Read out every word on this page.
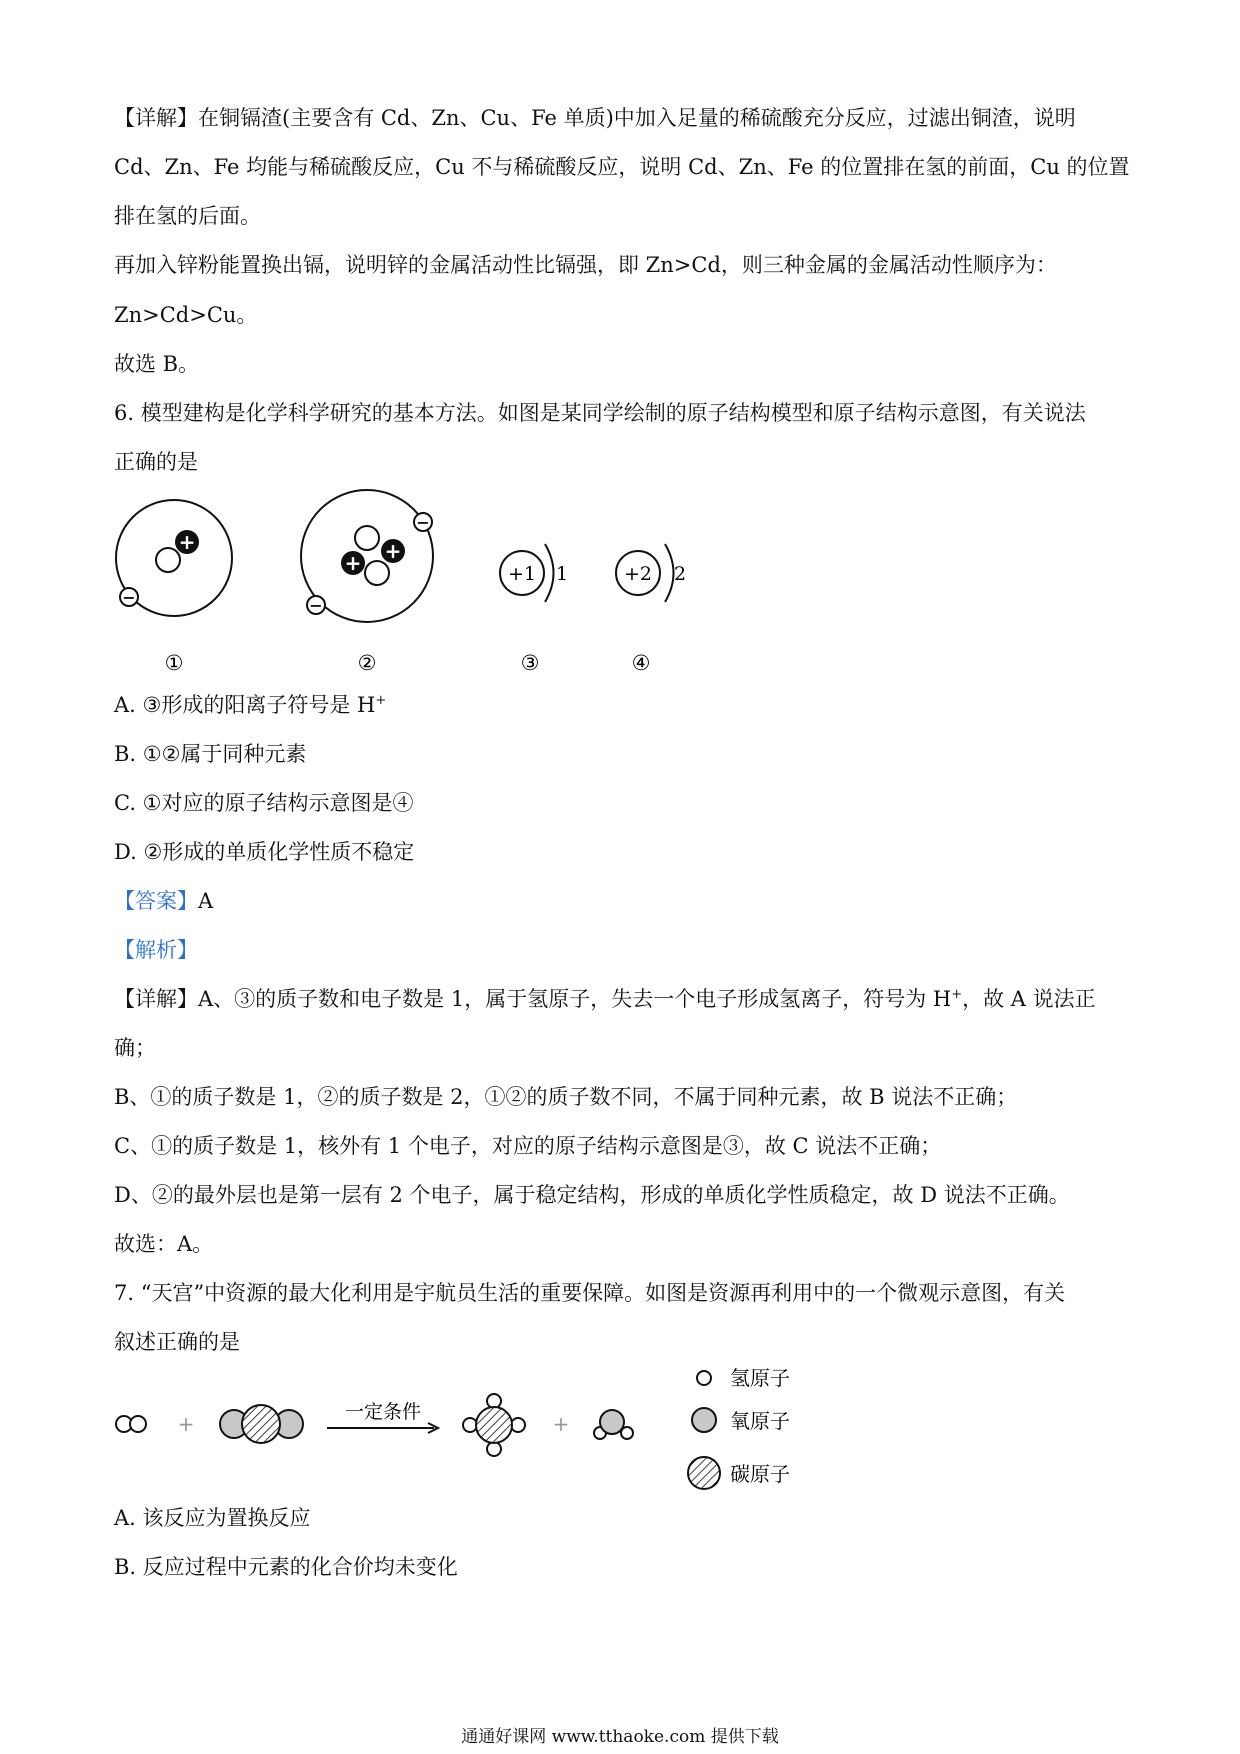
【详解】在铜镉渣(主要含有 Cd、Zn、Cu、Fe 单质)中加入足量的稀硫酸充分反应，过滤出铜渣，说明
Cd、Zn、Fe 均能与稀硫酸反应，Cu 不与稀硫酸反应，说明 Cd、Zn、Fe 的位置排在氢的前面，Cu 的位置
排在氢的后面。
再加入锌粉能置换出镉，说明锌的金属活动性比镉强，即 Zn>Cd，则三种金属的金属活动性顺序为：
Zn>Cd>Cu。
故选 B。
6. 模型建构是化学科学研究的基本方法。如图是某同学绘制的原子结构模型和原子结构示意图，有关说法
正确的是
+
−
+
+
−
−
+1 1	+2 2
①	②	③	④
A. ③形成的阳离子符号是 H+
B. ①②属于同种元素
C. ①对应的原子结构示意图是④
D. ②形成的单质化学性质不稳定
【答案】A
【解析】
【详解】A、③的质子数和电子数是 1，属于氢原子，失去一个电子形成氢离子，符号为 H+，故 A 说法正
确；
B、①的质子数是 1，②的质子数是 2，①②的质子数不同，不属于同种元素，故 B 说法不正确；
C、①的质子数是 1，核外有 1 个电子，对应的原子结构示意图是③，故 C 说法不正确；
D、②的最外层也是第一层有 2 个电子，属于稳定结构，形成的单质化学性质稳定，故 D 说法不正确。
故选：A。
7. “天宫”中资源的最大化利用是宇航员生活的重要保障。如图是资源再利用中的一个微观示意图，有关
叙述正确的是
+	一定条件	+
氢原子
氧原子
碳原子
A. 该反应为置换反应
B. 反应过程中元素的化合价均未变化
通通好课网 www.tthaoke.com 提供下载
